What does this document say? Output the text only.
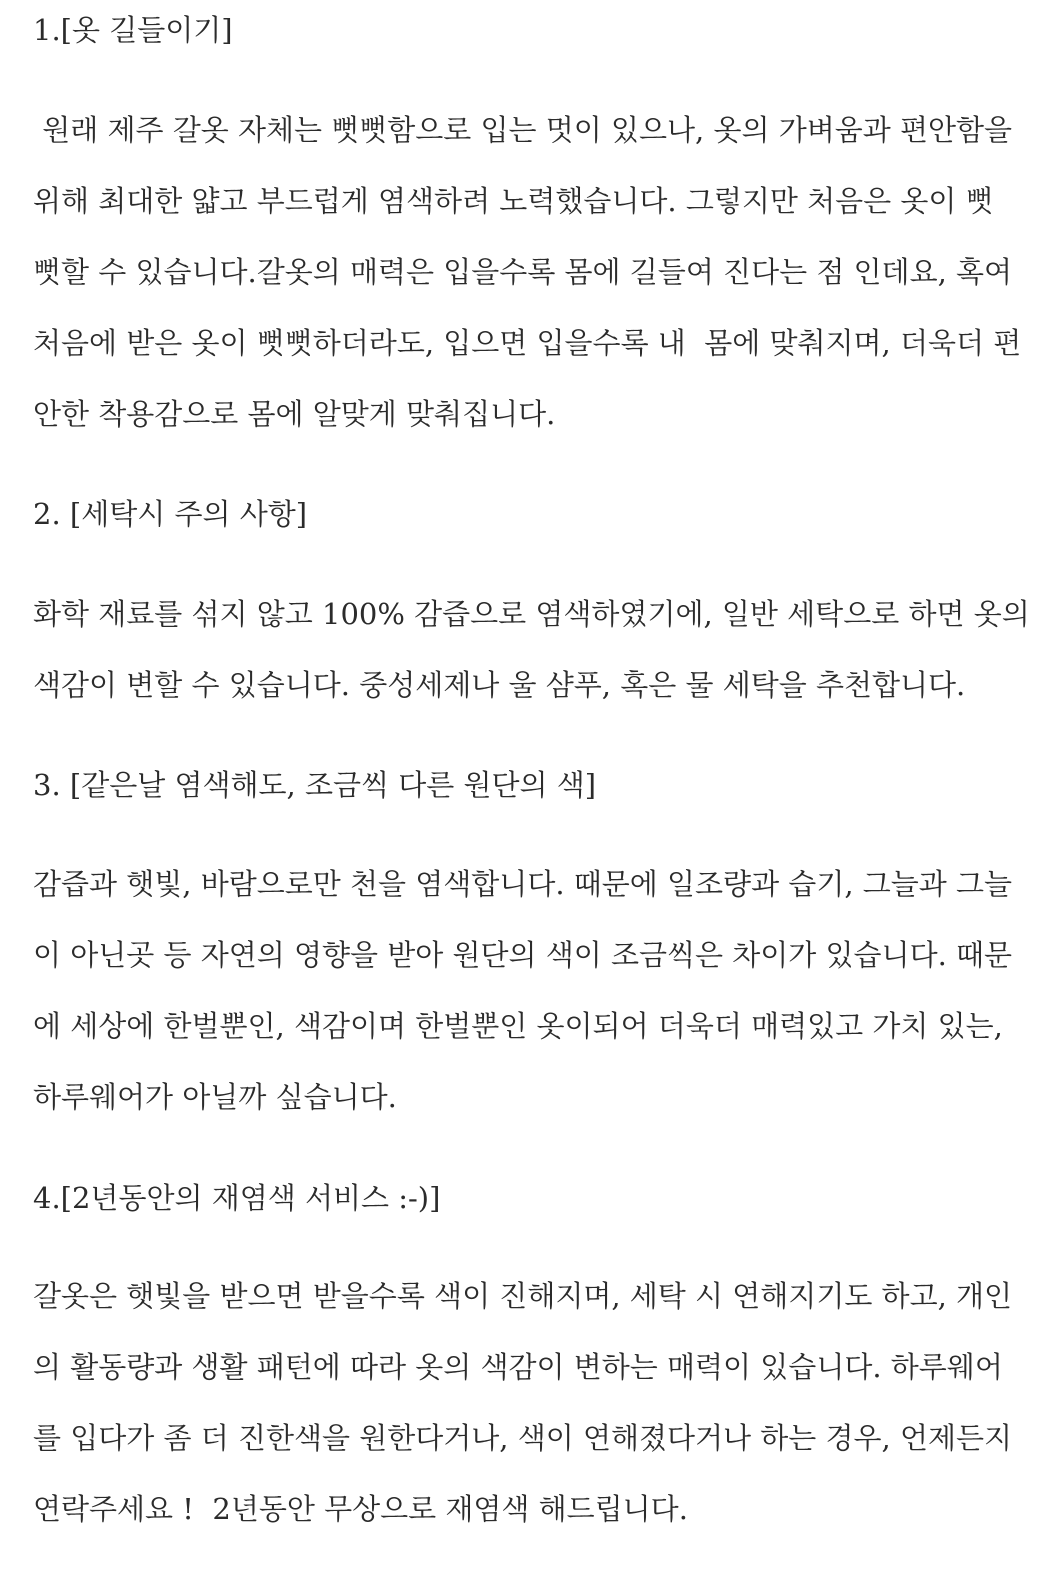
1.[옷 길들이기]
원래 제주 갈옷 자체는 뻣뻣함으로 입는 멋이 있으나, 옷의 가벼움과 편안함을
위해 최대한 얇고 부드럽게 염색하려 노력했습니다. 그렇지만 처음은 옷이 뻣
뻣할 수 있습니다.갈옷의 매력은 입을수록 몸에 길들여 진다는 점 인데요, 혹여
처음에 받은 옷이 뻣뻣하더라도, 입으면 입을수록 내  몸에 맞춰지며, 더욱더 편
안한 착용감으로 몸에 알맞게 맞춰집니다.
2. [세탁시 주의 사항]
화학 재료를 섞지 않고 100% 감즙으로 염색하였기에, 일반 세탁으로 하면 옷의
색감이 변할 수 있습니다. 중성세제나 울 샴푸, 혹은 물 세탁을 추천합니다.
3. [같은날 염색해도, 조금씩 다른 원단의 색]
감즙과 햇빛, 바람으로만 천을 염색합니다. 때문에 일조량과 습기, 그늘과 그늘
이 아닌곳 등 자연의 영향을 받아 원단의 색이 조금씩은 차이가 있습니다. 때문
에 세상에 한벌뿐인, 색감이며 한벌뿐인 옷이되어 더욱더 매력있고 가치 있는,
하루웨어가 아닐까 싶습니다.
4.[2년동안의 재염색 서비스 :-)]
갈옷은 햇빛을 받으면 받을수록 색이 진해지며, 세탁 시 연해지기도 하고, 개인
의 활동량과 생활 패턴에 따라 옷의 색감이 변하는 매력이 있습니다. 하루웨어
를 입다가 좀 더 진한색을 원한다거나, 색이 연해졌다거나 하는 경우, 언제든지
연락주세요 !  2년동안 무상으로 재염색 해드립니다.
